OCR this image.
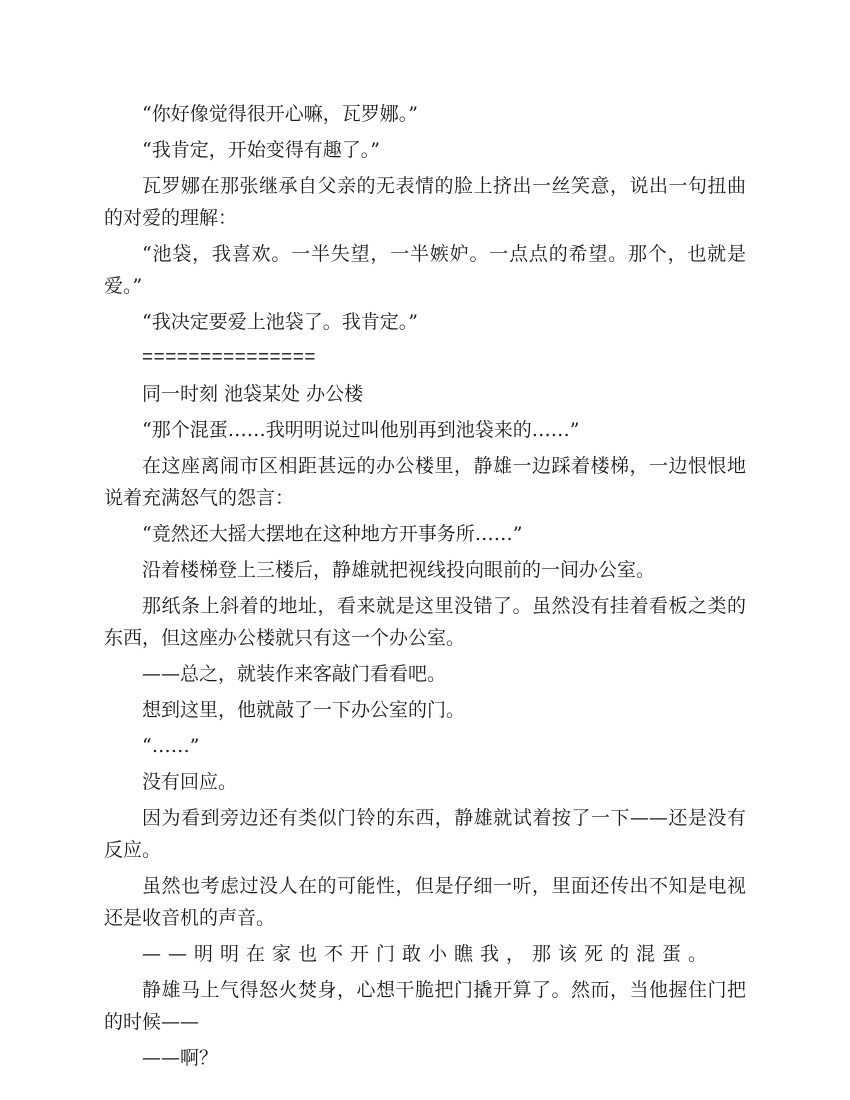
“你好像觉得很开心嘛，瓦罗娜。”

“我肯定，开始变得有趣了。”

瓦罗娜在那张继承自父亲的无表情的脸上挤出一丝笑意，说出一句扭曲的对爱的理解：

“池袋，我喜欢。一半失望，一半嫉妒。一点点的希望。那个，也就是爱。”

“我决定要爱上池袋了。我肯定。”

===============

同一时刻 池袋某处 办公楼

“那个混蛋……我明明说过叫他别再到池袋来的……”

在这座离闹市区相距甚远的办公楼里，静雄一边踩着楼梯，一边恨恨地说着充满怒气的怨言：

“竟然还大摇大摆地在这种地方开事务所……”

沿着楼梯登上三楼后，静雄就把视线投向眼前的一间办公室。

那纸条上斜着的地址，看来就是这里没错了。虽然没有挂着看板之类的东西，但这座办公楼就只有这一个办公室。

——总之，就装作来客敲门看看吧。

想到这里，他就敲了一下办公室的门。

“……”

没有回应。

因为看到旁边还有类似门铃的东西，静雄就试着按了一下——还是没有反应。

虽然也考虑过没人在的可能性，但是仔细一听，里面还传出不知是电视还是收音机的声音。

——明明在家也不开门敢小瞧我，那该死的混蛋。

静雄马上气得怒火焚身，心想干脆把门撬开算了。然而，当他握住门把的时候——

——啊？
